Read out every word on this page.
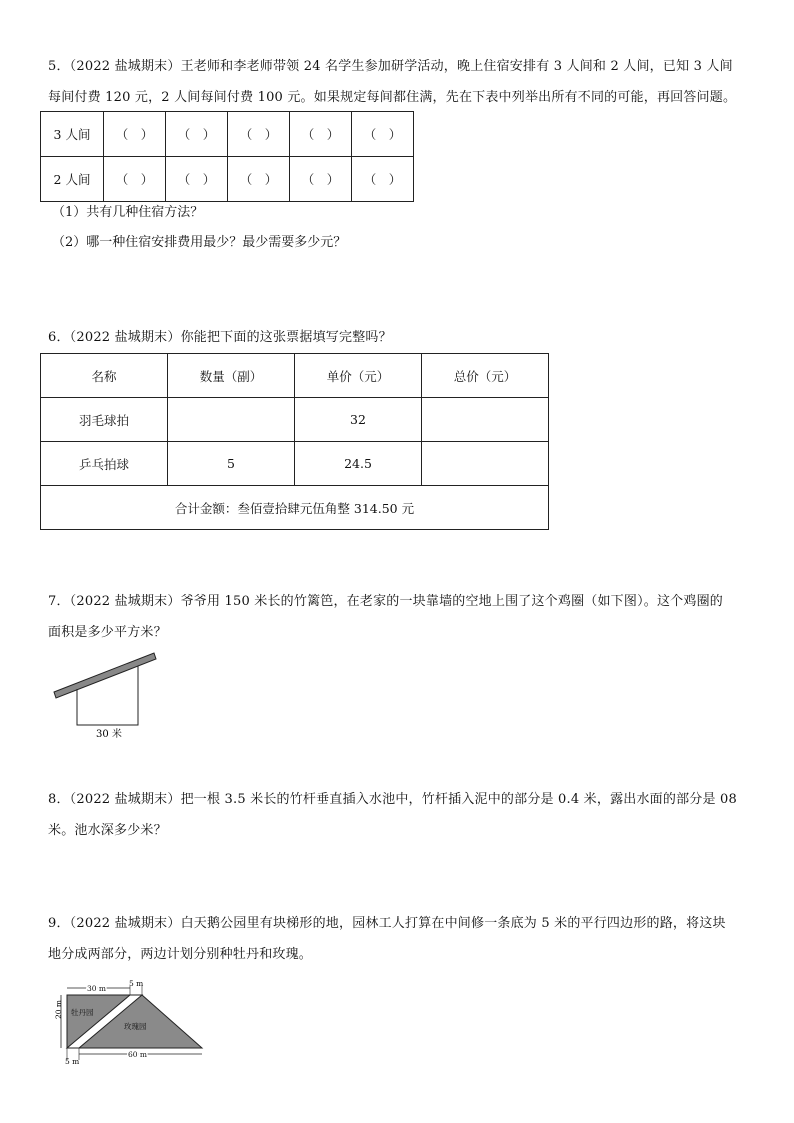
5．（2022 盐城期末）王老师和李老师带领 24 名学生参加研学活动，晚上住宿安排有 3 人间和 2 人间，已知 3 人间
每间付费 120 元，2 人间每间付费 100 元。如果规定每间都住满，先在下表中列举出所有不同的可能，再回答问题。
3 人间	（　）	（　）	（　）	（　）	（　）
2 人间	（　）	（　）	（　）	（　）	（　）
（1）共有几种住宿方法？
（2）哪一种住宿安排费用最少？最少需要多少元？
6．（2022 盐城期末）你能把下面的这张票据填写完整吗？
名称	数量（副）	单价（元）	总价（元）
羽毛球拍		32	
乒乓拍球	5	24.5	
合计金额：叁佰壹拾肆元伍角整 314.50 元			
7．（2022 盐城期末）爷爷用 150 米长的竹篱笆，在老家的一块靠墙的空地上围了这个鸡圈（如下图）。这个鸡圈的
面积是多少平方米？
30 米
8．（2022 盐城期末）把一根 3.5 米长的竹杆垂直插入水池中，竹杆插入泥中的部分是 0.4 米，露出水面的部分是 08
米。池水深多少米？
9．（2022 盐城期末）白天鹅公园里有块梯形的地，园林工人打算在中间修一条底为 5 米的平行四边形的路，将这块
地分成两部分，两边计划分别种牡丹和玫瑰。
30 m
5 m
20 m
60 m
5 m
牡丹园
玫瑰园
